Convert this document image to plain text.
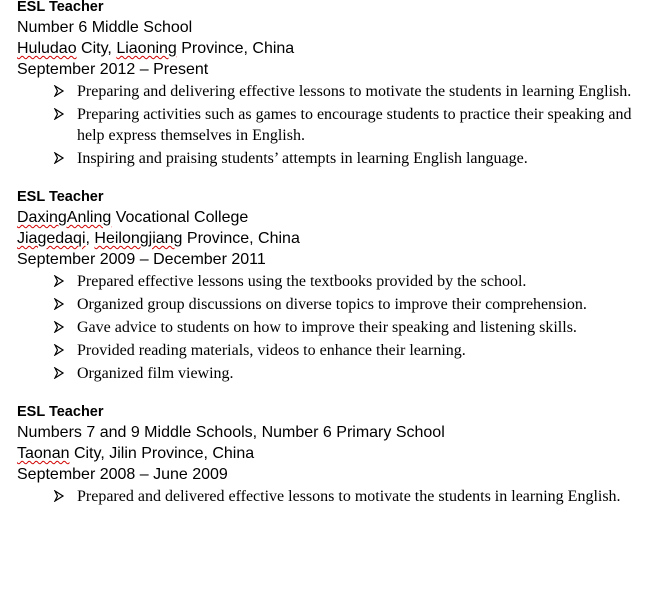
ESL Teacher
Number 6 Middle School
Huludao City, Liaoning Province, China
September 2012 – Present
Preparing and delivering effective lessons to motivate the students in learning English.
Preparing activities such as games to encourage students to practice their speaking and help express themselves in English.
Inspiring and praising students’ attempts in learning English language.
ESL Teacher
DaxingAnling Vocational College
Jiagedaqi, Heilongjiang Province, China
September 2009 – December 2011
Prepared effective lessons using the textbooks provided by the school.
Organized group discussions on diverse topics to improve their comprehension.
Gave advice to students on how to improve their speaking and listening skills.
Provided reading materials, videos to enhance their learning.
Organized film viewing.
ESL Teacher
Numbers 7 and 9 Middle Schools, Number 6 Primary School
Taonan City, Jilin Province, China
September 2008 – June 2009
Prepared and delivered effective lessons to motivate the students in learning English.
